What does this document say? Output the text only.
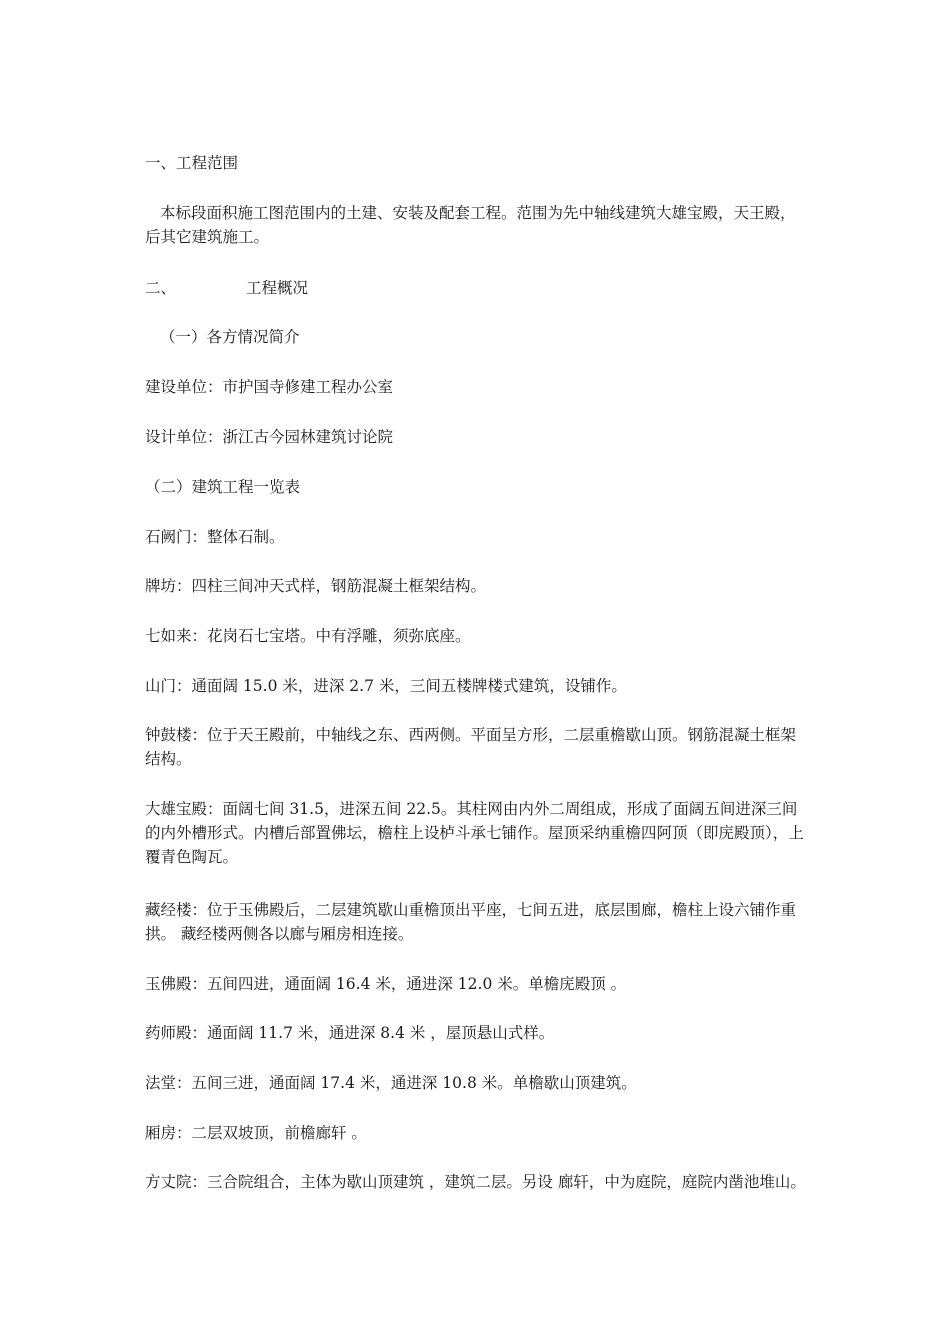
一、工程范围

本标段面积施工图范围内的土建、安装及配套工程。范围为先中轴线建筑大雄宝殿，天王殿，后其它建筑施工。

二、	工程概况

（一）各方情况简介

建设单位：市护国寺修建工程办公室

设计单位：浙江古今园林建筑讨论院

（二）建筑工程一览表

石阙门：整体石制。

牌坊：四柱三间冲天式样，钢筋混凝土框架结构。

七如来：花岗石七宝塔。中有浮雕，须弥底座。

山门：通面阔 15.0 米，进深 2.7 米，三间五楼牌楼式建筑，设铺作。

钟鼓楼：位于天王殿前，中轴线之东、西两侧。平面呈方形，二层重檐歇山顶。钢筋混凝土框架结构。

大雄宝殿：面阔七间 31.5，进深五间 22.5。其柱网由内外二周组成，形成了面阔五间进深三间的内外槽形式。内槽后部置佛坛，檐柱上设栌斗承七铺作。屋顶采纳重檐四阿顶（即庑殿顶），上覆青色陶瓦。

藏经楼：位于玉佛殿后，二层建筑歇山重檐顶出平座，七间五进，底层围廊，檐柱上设六铺作重拱。 藏经楼两侧各以廊与厢房相连接。

玉佛殿：五间四进，通面阔 16.4 米，通进深 12.0 米。单檐庑殿顶 。

药师殿：通面阔 11.7 米，通进深 8.4 米 ，屋顶悬山式样。

法堂：五间三进，通面阔 17.4 米，通进深 10.8 米。单檐歇山顶建筑。

厢房：二层双坡顶，前檐廊轩 。

方丈院：三合院组合，主体为歇山顶建筑 ，建筑二层。另设 廊轩，中为庭院，庭院内凿池堆山。
